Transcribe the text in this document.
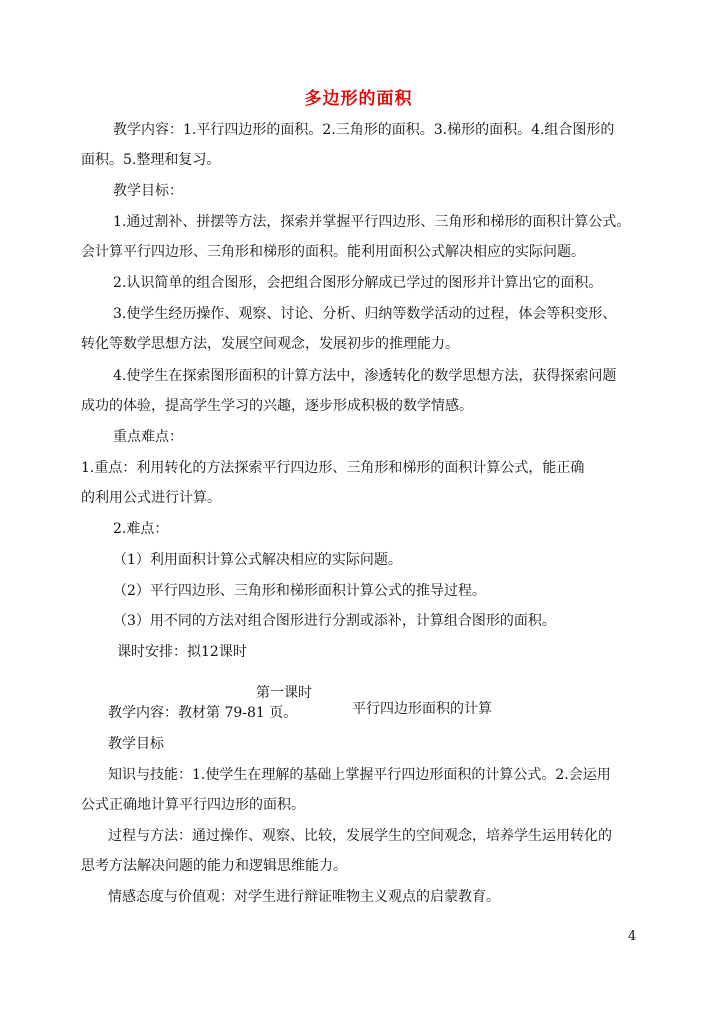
多边形的面积
教学内容：1.平行四边形的面积。2.三角形的面积。3.梯形的面积。4.组合图形的
面积。5.整理和复习。
教学目标：
1.通过割补、拼摆等方法，探索并掌握平行四边形、三角形和梯形的面积计算公式。
会计算平行四边形、三角形和梯形的面积。能利用面积公式解决相应的实际问题。
2.认识简单的组合图形，会把组合图形分解成已学过的图形并计算出它的面积。
3.使学生经历操作、观察、讨论、分析、归纳等数学活动的过程，体会等积变形、
转化等数学思想方法，发展空间观念，发展初步的推理能力。
4.使学生在探索图形面积的计算方法中，渗透转化的数学思想方法，获得探索问题
成功的体验，提高学生学习的兴趣，逐步形成积极的数学情感。
重点难点：
1.重点：利用转化的方法探索平行四边形、三角形和梯形的面积计算公式，能正确
的利用公式进行计算。
2.难点：
（1）利用面积计算公式解决相应的实际问题。
（2）平行四边形、三角形和梯形面积计算公式的推导过程。
（3）用不同的方法对组合图形进行分割或添补，计算组合图形的面积。
课时安排：拟12课时

第一课时

平行四边形面积的计算

教学内容：教材第 79-81 页。
教学目标
知识与技能：1.使学生在理解的基础上掌握平行四边形面积的计算公式。2.会运用
公式正确地计算平行四边形的面积。
过程与方法：通过操作、观察、比较，发展学生的空间观念，培养学生运用转化的
思考方法解决问题的能力和逻辑思维能力。
情感态度与价值观：对学生进行辩证唯物主义观点的启蒙教育。
4
